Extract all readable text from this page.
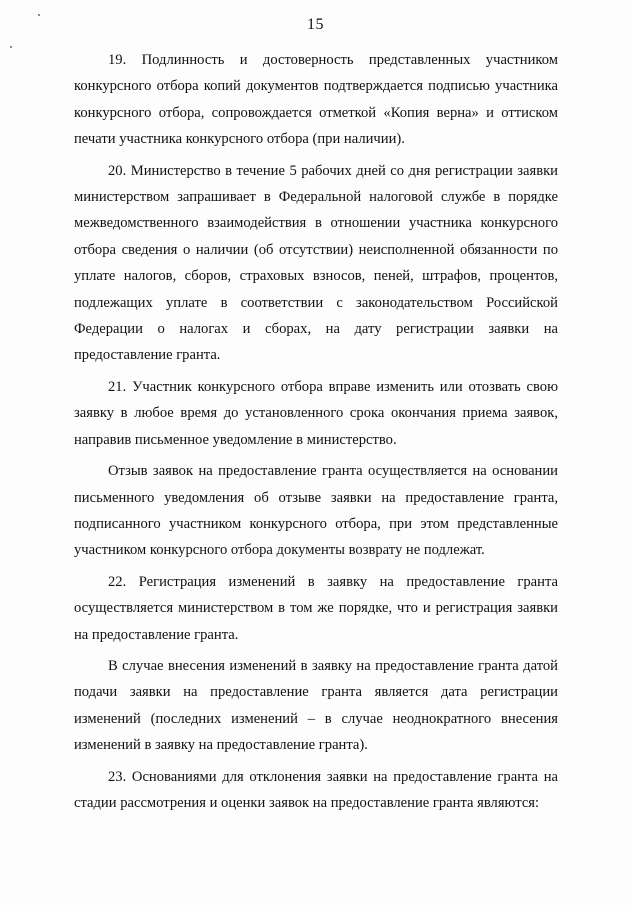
15

19. Подлинность и достоверность представленных участником конкурсного отбора копий документов подтверждается подписью участника конкурсного отбора, сопровождается отметкой «Копия верна» и оттиском печати участника конкурсного отбора (при наличии).

20. Министерство в течение 5 рабочих дней со дня регистрации заявки министерством запрашивает в Федеральной налоговой службе в порядке межведомственного взаимодействия в отношении участника конкурсного отбора сведения о наличии (об отсутствии) неисполненной обязанности по уплате налогов, сборов, страховых взносов, пеней, штрафов, процентов, подлежащих уплате в соответствии с законодательством Российской Федерации о налогах и сборах, на дату регистрации заявки на предоставление гранта.

21. Участник конкурсного отбора вправе изменить или отозвать свою заявку в любое время до установленного срока окончания приема заявок, направив письменное уведомление в министерство.

Отзыв заявок на предоставление гранта осуществляется на основании письменного уведомления об отзыве заявки на предоставление гранта, подписанного участником конкурсного отбора, при этом представленные участником конкурсного отбора документы возврату не подлежат.

22. Регистрация изменений в заявку на предоставление гранта осуществляется министерством в том же порядке, что и регистрация заявки на предоставление гранта.

В случае внесения изменений в заявку на предоставление гранта датой подачи заявки на предоставление гранта является дата регистрации изменений (последних изменений – в случае неоднократного внесения изменений в заявку на предоставление гранта).

23. Основаниями для отклонения заявки на предоставление гранта на стадии рассмотрения и оценки заявок на предоставление гранта являются:
